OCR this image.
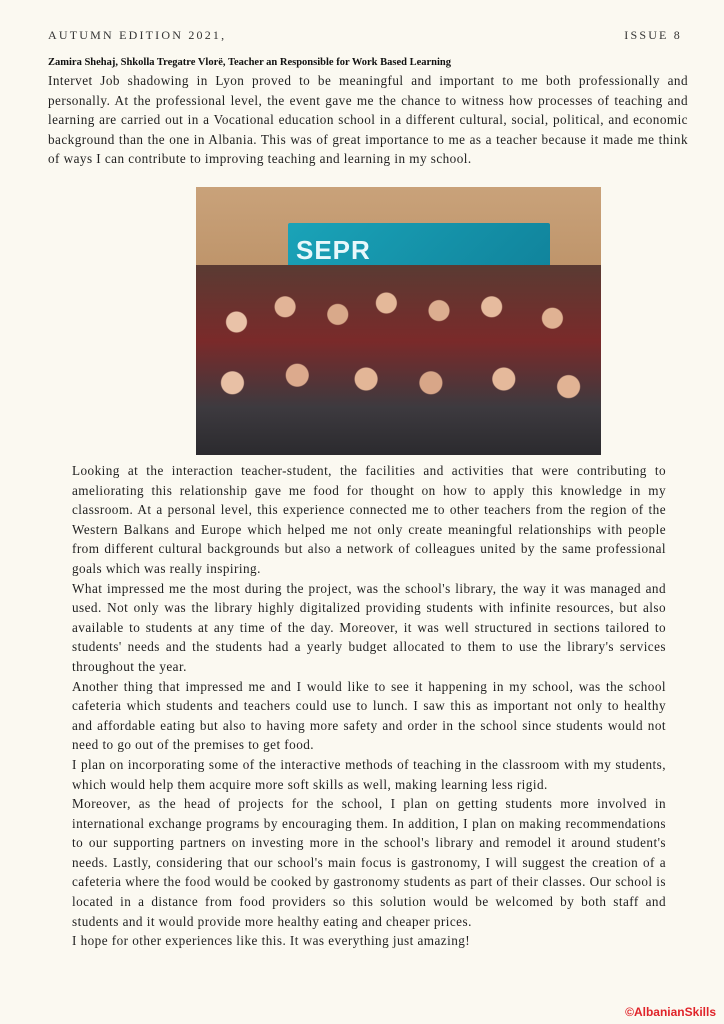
AUTUMN EDITION 2021,	ISSUE 8
Zamira Shehaj, Shkolla Tregatre Vlorë, Teacher an Responsible for Work Based Learning

Intervet Job shadowing in Lyon proved to be meaningful and important to me both professionally and personally. At the professional level, the event gave me the chance to witness how processes of teaching and learning are carried out in a Vocational education school in a different cultural, social, political, and economic background than the one in Albania. This was of great importance to me as a teacher because it made me think of ways I can contribute to improving teaching and learning in my school.

SEPR

Looking at the interaction teacher-student, the facilities and activities that were contributing to ameliorating this relationship gave me food for thought on how to apply this knowledge in my classroom. At a personal level, this experience connected me to other teachers from the region of the Western Balkans and Europe which helped me not only create meaningful relationships with people from different cultural backgrounds but also a network of colleagues united by the same professional goals which was really inspiring.

What impressed me the most during the project, was the school's library, the way it was managed and used. Not only was the library highly digitalized providing students with infinite resources, but also available to students at any time of the day. Moreover, it was well structured in sections tailored to students' needs and the students had a yearly budget allocated to them to use the library's services throughout the year.

Another thing that impressed me and I would like to see it happening in my school, was the school cafeteria which students and teachers could use to lunch. I saw this as important not only to healthy and affordable eating but also to having more safety and order in the school since students would not need to go out of the premises to get food.

I plan on incorporating some of the interactive methods of teaching in the classroom with my students, which would help them acquire more soft skills as well, making learning less rigid.

Moreover, as the head of projects for the school, I plan on getting students more involved in international exchange programs by encouraging them. In addition, I plan on making recommendations to our supporting partners on investing more in the school's library and remodel it around student's needs. Lastly, considering that our school's main focus is gastronomy, I will suggest the creation of a cafeteria where the food would be cooked by gastronomy students as part of their classes. Our school is located in a distance from food providers so this solution would be welcomed by both staff and students and it would provide more healthy eating and cheaper prices.

I hope for other experiences like this. It was everything just amazing!

©AlbanianSkills
